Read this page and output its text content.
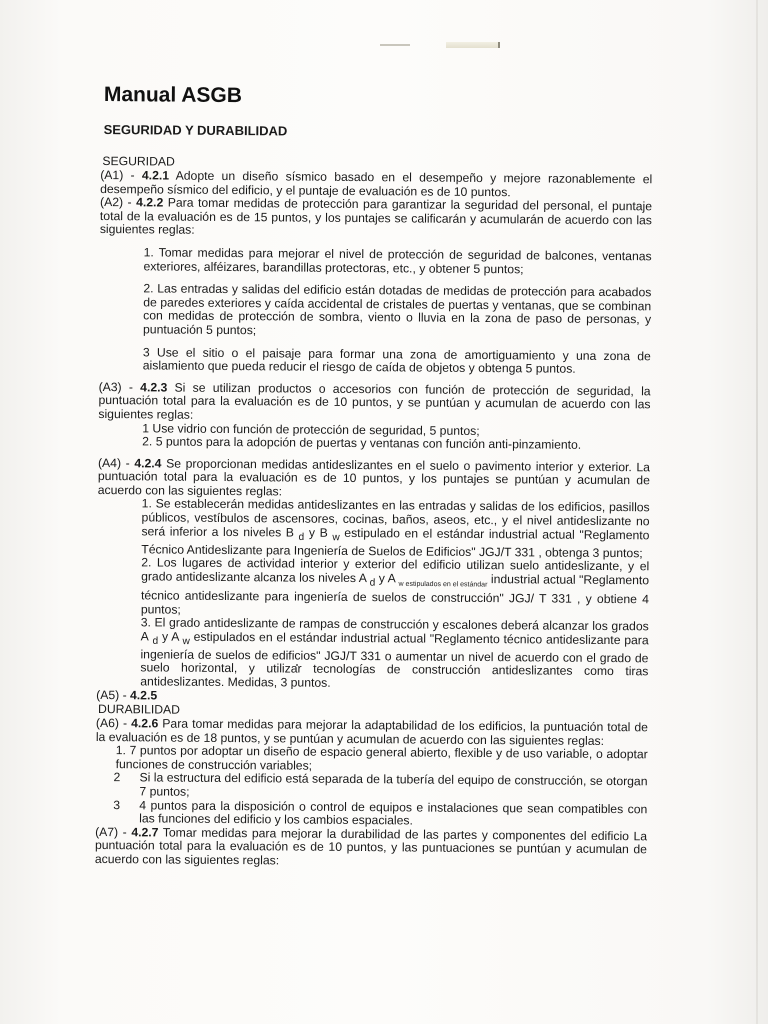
Manual ASGB
SEGURIDAD Y DURABILIDAD
SEGURIDAD
(A1) - 4.2.1 Adopte un diseño sísmico basado en el desempeño y mejore razonablemente el desempeño sísmico del edificio, y el puntaje de evaluación es de 10 puntos.
(A2) - 4.2.2 Para tomar medidas de protección para garantizar la seguridad del personal, el puntaje total de la evaluación es de 15 puntos, y los puntajes se calificarán y acumularán de acuerdo con las siguientes reglas:
1. Tomar medidas para mejorar el nivel de protección de seguridad de balcones, ventanas exteriores, alféizares, barandillas protectoras, etc., y obtener 5 puntos;
2. Las entradas y salidas del edificio están dotadas de medidas de protección para acabados de paredes exteriores y caída accidental de cristales de puertas y ventanas, que se combinan con medidas de protección de sombra, viento o lluvia en la zona de paso de personas, y puntuación 5 puntos;
3 Use el sitio o el paisaje para formar una zona de amortiguamiento y una zona de aislamiento que pueda reducir el riesgo de caída de objetos y obtenga 5 puntos.
(A3) - 4.2.3 Si se utilizan productos o accesorios con función de protección de seguridad, la puntuación total para la evaluación es de 10 puntos, y se puntúan y acumulan de acuerdo con las siguientes reglas:
1 Use vidrio con función de protección de seguridad, 5 puntos;
2. 5 puntos para la adopción de puertas y ventanas con función anti-pinzamiento.
(A4) - 4.2.4 Se proporcionan medidas antideslizantes en el suelo o pavimento interior y exterior. La puntuación total para la evaluación es de 10 puntos, y los puntajes se puntúan y acumulan de acuerdo con las siguientes reglas:
1. Se establecerán medidas antideslizantes en las entradas y salidas de los edificios, pasillos públicos, vestíbulos de ascensores, cocinas, baños, aseos, etc., y el nivel antideslizante no será inferior a los niveles B $_d$ y B $_w$ estipulado en el estándar industrial actual "Reglamento Técnico Antideslizante para Ingeniería de Suelos de Edificios" JGJ/T 331 , obtenga 3 puntos;
2. Los lugares de actividad interior y exterior del edificio utilizan suelo antideslizante, y el grado antideslizante alcanza los niveles A $_d$ y A $_{w estipulados en el estándar}$ industrial actual "Reglamento técnico antideslizante para ingeniería de suelos de construcción" JGJ/ T 331 , y obtiene 4 puntos;
3. El grado antideslizante de rampas de construcción y escalones deberá alcanzar los grados A $_d$ y A $_w$ estipulados en el estándar industrial actual "Reglamento técnico antideslizante para ingeniería de suelos de edificios" JGJ/T 331 o aumentar un nivel de acuerdo con el grado de suelo horizontal, y utilizar tecnologías de construcción antideslizantes como tiras antideslizantes. Medidas, 3 puntos.
(A5) - 4.2.5
DURABILIDAD
(A6) - 4.2.6 Para tomar medidas para mejorar la adaptabilidad de los edificios, la puntuación total de la evaluación es de 18 puntos, y se puntúan y acumulan de acuerdo con las siguientes reglas:
1. 7 puntos por adoptar un diseño de espacio general abierto, flexible y de uso variable, o adoptar funciones de construcción variables;
2	Si la estructura del edificio está separada de la tubería del equipo de construcción, se otorgan 7 puntos;
3	4 puntos para la disposición o control de equipos e instalaciones que sean compatibles con las funciones del edificio y los cambios espaciales.
(A7) - 4.2.7 Tomar medidas para mejorar la durabilidad de las partes y componentes del edificio La puntuación total para la evaluación es de 10 puntos, y las puntuaciones se puntúan y acumulan de acuerdo con las siguientes reglas:
